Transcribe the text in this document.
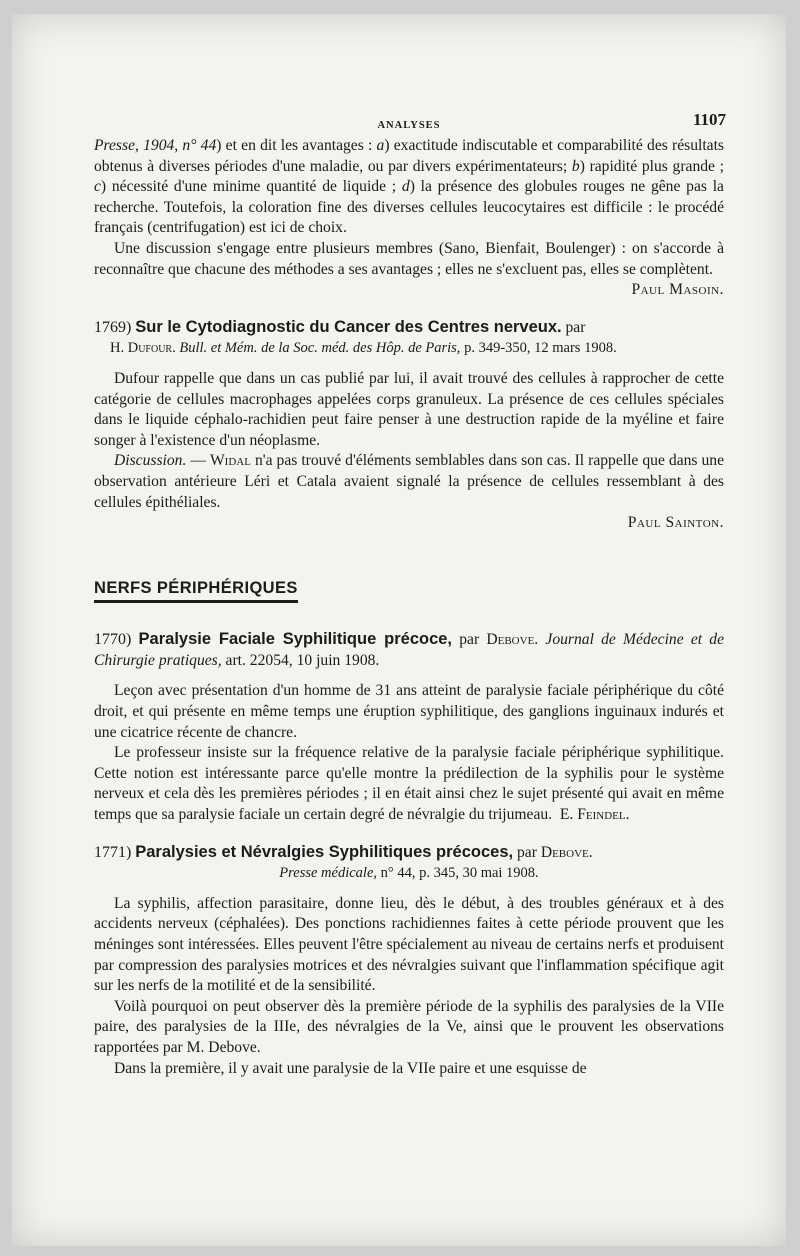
ANALYSES	1107

Presse, 1904, n° 44) et en dit les avantages : a) exactitude indiscutable et comparabilité des résultats obtenus à diverses périodes d'une maladie, ou par divers expérimentateurs; b) rapidité plus grande ; c) nécessité d'une minime quantité de liquide ; d) la présence des globules rouges ne gêne pas la recherche. Toutefois, la coloration fine des diverses cellules leucocytaires est difficile : le procédé français (centrifugation) est ici de choix.

Une discussion s'engage entre plusieurs membres (Sano, Bienfait, Boulenger) : on s'accorde à reconnaître que chacune des méthodes a ses avantages ; elles ne s'excluent pas, elles se complètent.

Paul Masoin.

1769) Sur le Cytodiagnostic du Cancer des Centres nerveux. par
H. Dufour. Bull. et Mém. de la Soc. méd. des Hôp. de Paris, p. 349-350, 12 mars 1908.

Dufour rappelle que dans un cas publié par lui, il avait trouvé des cellules à rapprocher de cette catégorie de cellules macrophages appelées corps granuleux. La présence de ces cellules spéciales dans le liquide céphalo-rachidien peut faire penser à une destruction rapide de la myéline et faire songer à l'existence d'un néoplasme.

Discussion. — Widal n'a pas trouvé d'éléments semblables dans son cas. Il rappelle que dans une observation antérieure Léri et Catala avaient signalé la présence de cellules ressemblant à des cellules épithéliales.

Paul Sainton.

NERFS PÉRIPHÉRIQUES

1770) Paralysie Faciale Syphilitique précoce, par Debove. Journal de Médecine et de Chirurgie pratiques, art. 22054, 10 juin 1908.

Leçon avec présentation d'un homme de 31 ans atteint de paralysie faciale périphérique du côté droit, et qui présente en même temps une éruption syphilitique, des ganglions inguinaux indurés et une cicatrice récente de chancre.

Le professeur insiste sur la fréquence relative de la paralysie faciale périphérique syphilitique. Cette notion est intéressante parce qu'elle montre la prédilection de la syphilis pour le système nerveux et cela dès les premières périodes ; il en était ainsi chez le sujet présenté qui avait en même temps que sa paralysie faciale un certain degré de névralgie du trijumeau. E. Feindel.

1771) Paralysies et Névralgies Syphilitiques précoces, par Debove.
Presse médicale, n° 44, p. 345, 30 mai 1908.

La syphilis, affection parasitaire, donne lieu, dès le début, à des troubles généraux et à des accidents nerveux (céphalées). Des ponctions rachidiennes faites à cette période prouvent que les méninges sont intéressées. Elles peuvent l'être spécialement au niveau de certains nerfs et produisent par compression des paralysies motrices et des névralgies suivant que l'inflammation spécifique agit sur les nerfs de la motilité et de la sensibilité.

Voilà pourquoi on peut observer dès la première période de la syphilis des paralysies de la VIIe paire, des paralysies de la IIIe, des névralgies de la Ve, ainsi que le prouvent les observations rapportées par M. Debove.

Dans la première, il y avait une paralysie de la VIIe paire et une esquisse de
